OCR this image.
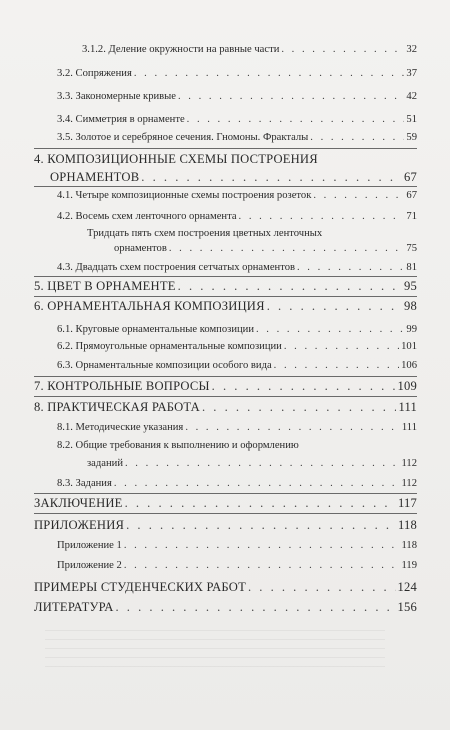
3.1.2. Деление окружности на равные части . . .	32
3.2. Сопряжения . . .	37
3.3. Закономерные кривые . . .	42
3.4. Симметрия в орнаменте . . .	51
3.5. Золотое и серебряное сечения. Гномоны. Фракталы . . .	59
4. КОМПОЗИЦИОННЫЕ СХЕМЫ ПОСТРОЕНИЯ
ОРНАМЕНТОВ . . .	67
4.1. Четыре композиционные схемы построения розеток . . .	67
4.2. Восемь схем ленточного орнамента . . .	71
Тридцать пять схем построения цветных ленточных
орнаментов . . .	75
4.3. Двадцать схем построения сетчатых орнаментов . . .	81
5. ЦВЕТ В ОРНАМЕНТЕ . . .	95
6. ОРНАМЕНТАЛЬНАЯ КОМПОЗИЦИЯ . . .	98
6.1. Круговые орнаментальные композиции . . .	99
6.2. Прямоугольные орнаментальные композиции . . .	101
6.3. Орнаментальные композиции особого вида . . .	106
7. КОНТРОЛЬНЫЕ ВОПРОСЫ . . .	109
8. ПРАКТИЧЕСКАЯ РАБОТА . . .	111
8.1. Методические указания . . .	111
8.2. Общие требования к выполнению и оформлению
заданий . . .	112
8.3. Задания . . .	112
ЗАКЛЮЧЕНИЕ . . .	117
ПРИЛОЖЕНИЯ . . .	118
Приложение 1 . . .	118
Приложение 2 . . .	119
ПРИМЕРЫ СТУДЕНЧЕСКИХ РАБОТ . . .	124
ЛИТЕРАТУРА . . .	156
